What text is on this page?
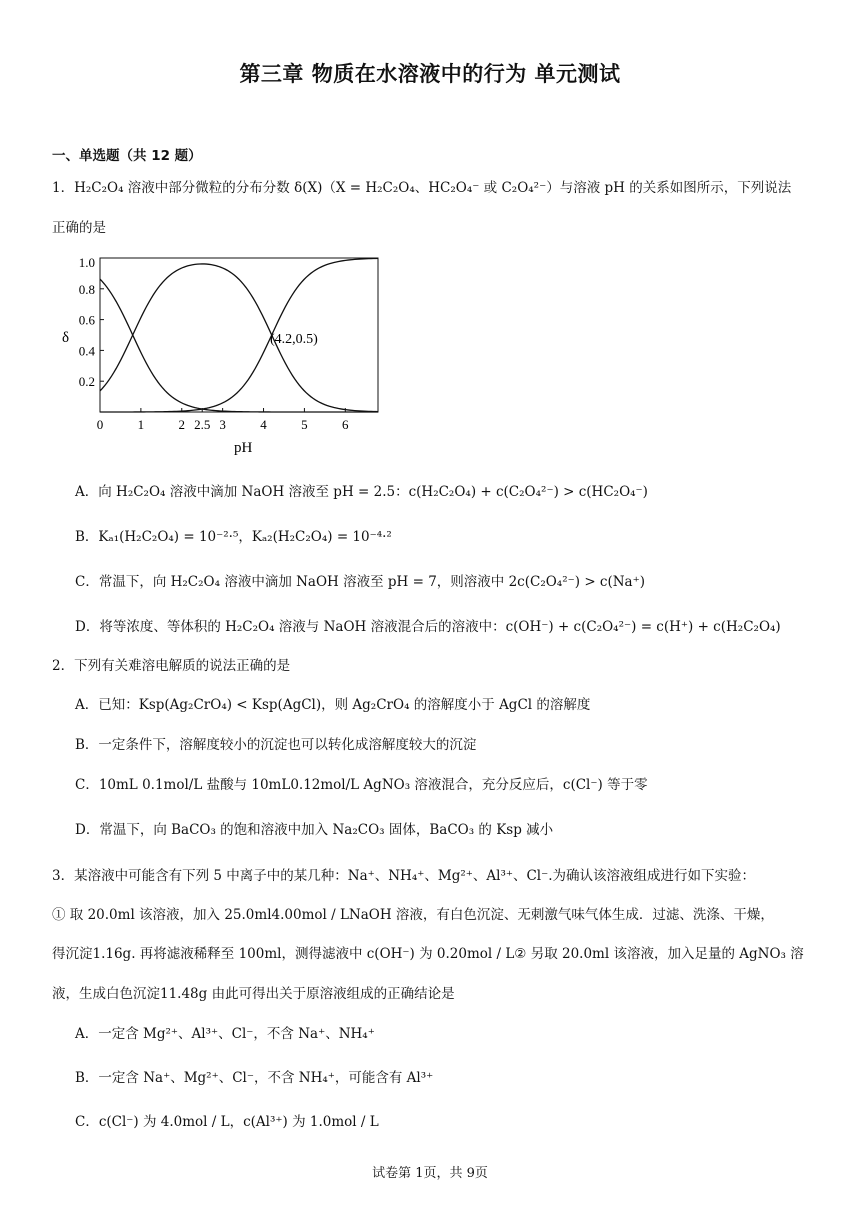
第三章 物质在水溶液中的行为 单元测试
一、单选题（共 12 题）
1．H₂C₂O₄ 溶液中部分微粒的分布分数 δ(X)（X = H₂C₂O₄、HC₂O₄⁻ 或 C₂O₄²⁻）与溶液 pH 的关系如图所示，下列说法
正确的是
0.2
0.4
0.6
0.8
1.0
0	1	2 2.5 3	4	5	6
δ
pH
(4.2,0.5)
A．向 H₂C₂O₄ 溶液中滴加 NaOH 溶液至 pH = 2.5：c(H₂C₂O₄) + c(C₂O₄²⁻) > c(HC₂O₄⁻)
B．Kₐ₁(H₂C₂O₄) = 10⁻²·⁵，Kₐ₂(H₂C₂O₄) = 10⁻⁴·²
C．常温下，向 H₂C₂O₄ 溶液中滴加 NaOH 溶液至 pH = 7，则溶液中 2c(C₂O₄²⁻) > c(Na⁺)
D．将等浓度、等体积的 H₂C₂O₄ 溶液与 NaOH 溶液混合后的溶液中：c(OH⁻) + c(C₂O₄²⁻) = c(H⁺) + c(H₂C₂O₄)
2．下列有关难溶电解质的说法正确的是
A．已知：Ksp(Ag₂CrO₄) < Ksp(AgCl)，则 Ag₂CrO₄ 的溶解度小于 AgCl 的溶解度
B．一定条件下，溶解度较小的沉淀也可以转化成溶解度较大的沉淀
C．10mL 0.1mol/L 盐酸与 10mL0.12mol/L AgNO₃ 溶液混合，充分反应后，c(Cl⁻) 等于零
D．常温下，向 BaCO₃ 的饱和溶液中加入 Na₂CO₃ 固体，BaCO₃ 的 Ksp 减小
3．某溶液中可能含有下列 5 中离子中的某几种：Na⁺、NH₄⁺、Mg²⁺、Al³⁺、Cl⁻.为确认该溶液组成进行如下实验：
① 取 20.0ml 该溶液，加入 25.0ml4.00mol / LNaOH 溶液，有白色沉淀、无刺激气味气体生成．过滤、洗涤、干燥，
得沉淀1.16g. 再将滤液稀释至 100ml，测得滤液中 c(OH⁻) 为 0.20mol / L② 另取 20.0ml 该溶液，加入足量的 AgNO₃ 溶
液，生成白色沉淀11.48g 由此可得出关于原溶液组成的正确结论是
A．一定含 Mg²⁺、Al³⁺、Cl⁻，不含 Na⁺、NH₄⁺
B．一定含 Na⁺、Mg²⁺、Cl⁻，不含 NH₄⁺，可能含有 Al³⁺
C．c(Cl⁻) 为 4.0mol / L，c(Al³⁺) 为 1.0mol / L
试卷第 1页，共 9页
